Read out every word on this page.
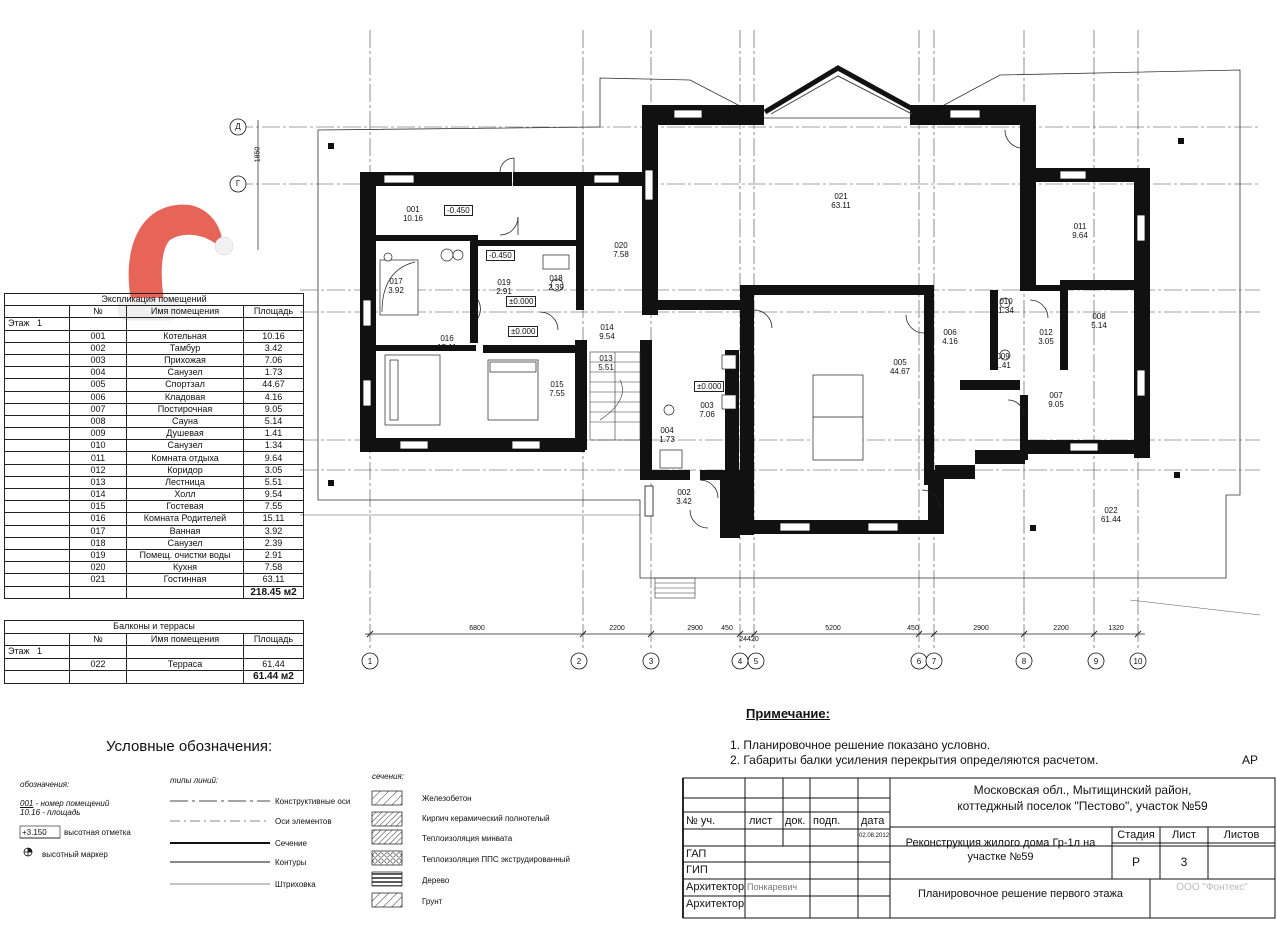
001
10.16
002
3.42
003
7.06
004
1.73
005
44.67
006
4.16
007
9.05
008
5.14
009
1.41
010
1.34
011
9.64
012
3.05
013
5.51
014
9.54
015
7.55
016
15.11
017
3.92
018
2.39
019
2.91
020
7.58
021
63.11
022
61.44
-0.450
-0.450
±0.000
±0.000
±0.000
Д
Г
1850
1	2	3	4	5	6	7	8	9	10
6800	2200	2900	450	5200	450	2900	2200	1320
24420
Экспликация помещений			
	№	Имя помещения	Площадь
Этаж 1			
	001	Котельная	10.16
	002	Тамбур	3.42
	003	Прихожая	7.06
	004	Санузел	1.73
	005	Спортзал	44.67
	006	Кладовая	4.16
	007	Постирочная	9.05
	008	Сауна	5.14
	009	Душевая	1.41
	010	Санузел	1.34
	011	Комната отдыха	9.64
	012	Коридор	3.05
	013	Лестница	5.51
	014	Холл	9.54
	015	Гостевая	7.55
	016	Комната Родителей	15.11
	017	Ванная	3.92
	018	Санузел	2.39
	019	Помещ. очистки воды	2.91
	020	Кухня	7.58
	021	Гостинная	63.11
			218.45 м2
Балконы и террасы			
	№	Имя помещения	Площадь
Этаж 1			
	022	Терраса	61.44
			61.44 м2
Примечание:
1. Планировочное решение показано условно.
2. Габариты балки усиления перекрытия определяются расчетом.	АР
Условные обозначения:
обозначения:
001 - номер помещений
10.16 - площадь
+3.150 высотная отметка
высотный маркер
типы линий:
Конструктивные оси
Оси элементов
Сечение
Контуры
Штриховка
сечения:
Железобетон
Кирпич керамический полнотелый
Теплоизоляция минвата
Теплоизоляция ППС экструдированный
Дерево
Грунт
Московская обл., Мытищинский район,
коттеджный поселок "Пестово", участок №59
№ уч.	лист док. подп. дата
02.08.2012
Реконструкция жилого дома Гр-1л на участке №59
Стадия	Лист	Листов
Р	3
ГАП
ГИП
Архитектор
Архитектор
Понкаревич
Планировочное решение первого этажа
ООО "Фонтекс"
